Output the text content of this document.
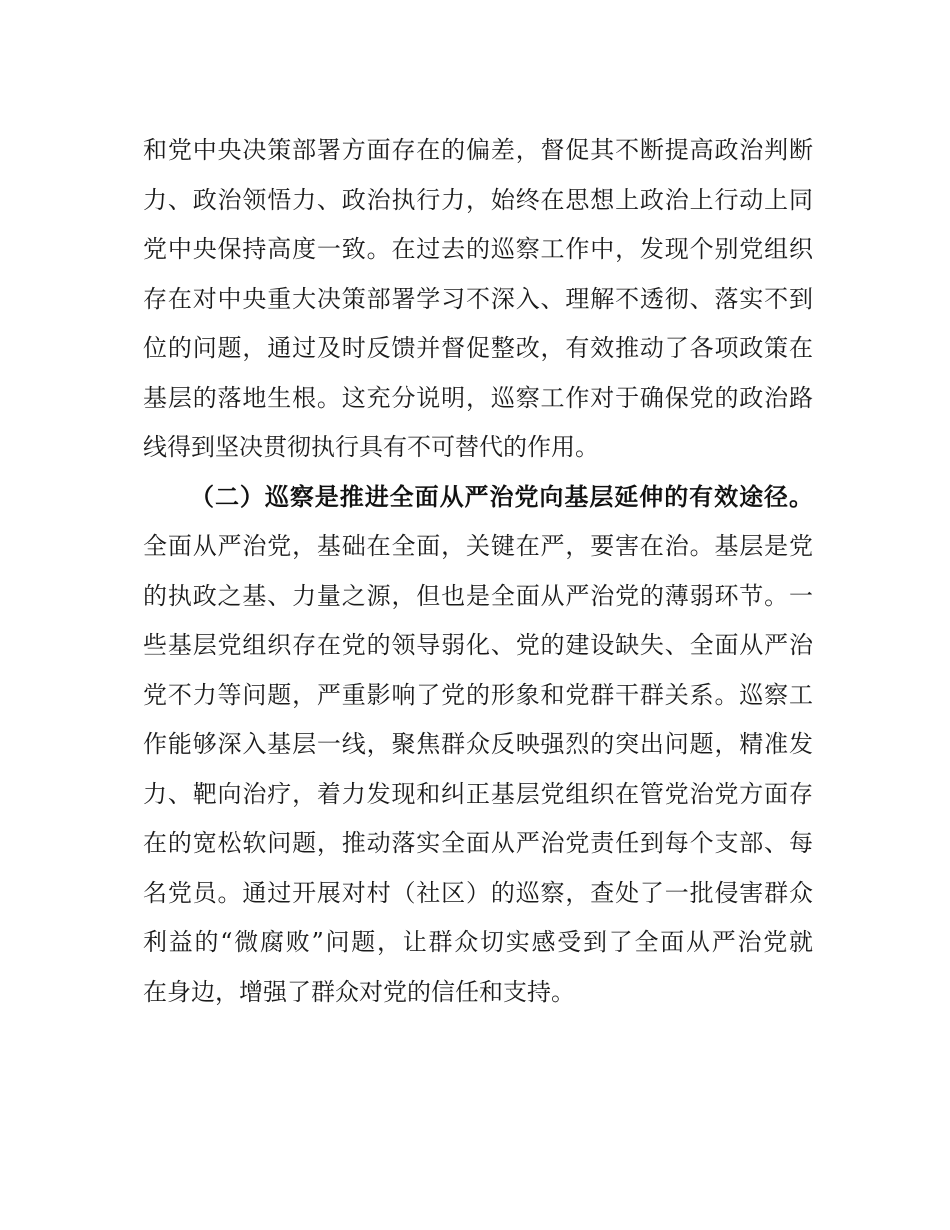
和党中央决策部署方面存在的偏差，督促其不断提高政治判断
力、政治领悟力、政治执行力，始终在思想上政治上行动上同
党中央保持高度一致。在过去的巡察工作中，发现个别党组织
存在对中央重大决策部署学习不深入、理解不透彻、落实不到
位的问题，通过及时反馈并督促整改，有效推动了各项政策在
基层的落地生根。这充分说明，巡察工作对于确保党的政治路
线得到坚决贯彻执行具有不可替代的作用。
（二）巡察是推进全面从严治党向基层延伸的有效途径。
全面从严治党，基础在全面，关键在严，要害在治。基层是党
的执政之基、力量之源，但也是全面从严治党的薄弱环节。一
些基层党组织存在党的领导弱化、党的建设缺失、全面从严治
党不力等问题，严重影响了党的形象和党群干群关系。巡察工
作能够深入基层一线，聚焦群众反映强烈的突出问题，精准发
力、靶向治疗，着力发现和纠正基层党组织在管党治党方面存
在的宽松软问题，推动落实全面从严治党责任到每个支部、每
名党员。通过开展对村（社区）的巡察，查处了一批侵害群众
利益的“微腐败”问题，让群众切实感受到了全面从严治党就
在身边，增强了群众对党的信任和支持。
